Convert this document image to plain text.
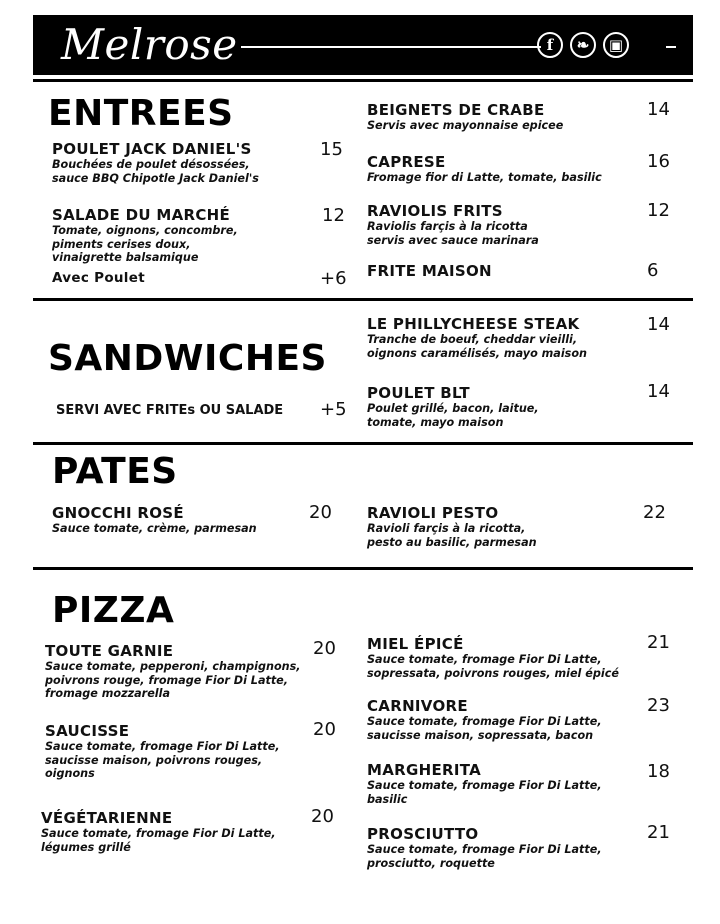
Melrose	f	❧	▣
ENTREES
POULET JACK DANIEL'S
Bouchées de poulet désossées,
sauce BBQ Chipotle Jack Daniel's
15
SALADE DU MARCHÉ
Tomate, oignons, concombre,
piments cerises doux,
vinaigrette balsamique
12
Avec Poulet	+6
BEIGNETS DE CRABE
Servis avec mayonnaise epicee
14
CAPRESE
Fromage fior di Latte, tomate, basilic
16
RAVIOLIS FRITS
Raviolis farçis à la ricotta
servis avec sauce marinara
12
FRITE MAISON	6
SANDWICHES
SERVI AVEC FRITEs OU SALADE +5
LE PHILLYCHEESE STEAK
Tranche de boeuf, cheddar vieilli,
oignons caramélisés, mayo maison
14
POULET BLT
Poulet grillé, bacon, laitue,
tomate, mayo maison
14
PATES
GNOCCHI ROSÉ
Sauce tomate, crème, parmesan
20 RAVIOLI PESTO
Ravioli farçis à la ricotta,
pesto au basilic, parmesan
22
PIZZA
TOUTE GARNIE
Sauce tomate, pepperoni, champignons,
poivrons rouge, fromage Fior Di Latte,
fromage mozzarella
20
SAUCISSE
Sauce tomate, fromage Fior Di Latte,
saucisse maison, poivrons rouges,
oignons
20
VÉGÉTARIENNE
Sauce tomate, fromage Fior Di Latte,
légumes grillé
20
MIEL ÉPICÉ
Sauce tomate, fromage Fior Di Latte,
sopressata, poivrons rouges, miel épicé
21
CARNIVORE
Sauce tomate, fromage Fior Di Latte,
saucisse maison, sopressata, bacon
23
MARGHERITA
Sauce tomate, fromage Fior Di Latte,
basilic
18
PROSCIUTTO
Sauce tomate, fromage Fior Di Latte,
prosciutto, roquette
21
